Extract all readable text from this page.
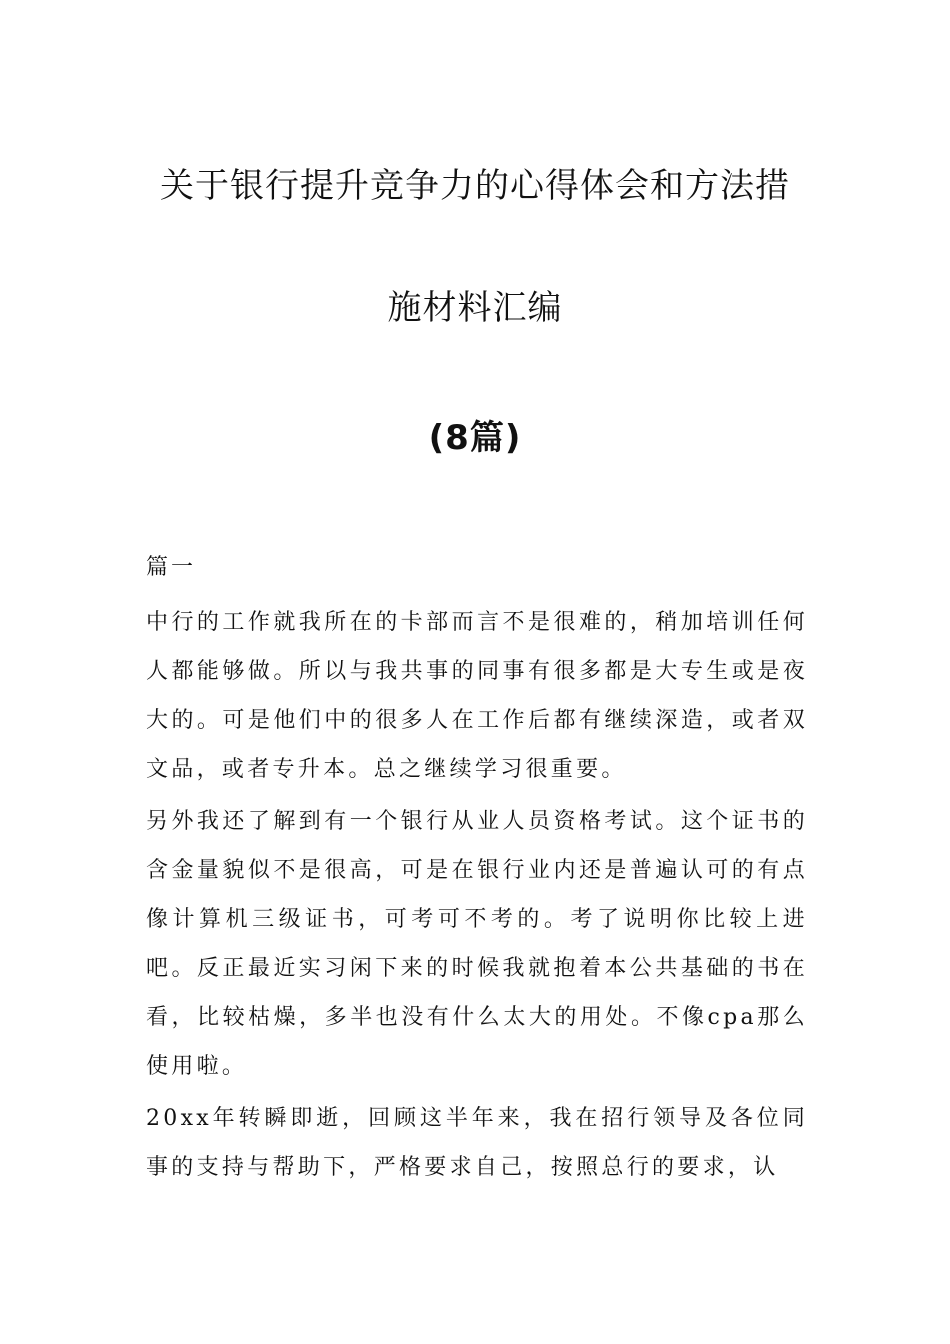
关于银行提升竞争力的心得体会和方法措
施材料汇编
(8篇)
篇一

中行的工作就我所在的卡部而言不是很难的，稍加培训任何人都能够做。所以与我共事的同事有很多都是大专生或是夜大的。可是他们中的很多人在工作后都有继续深造，或者双文品，或者专升本。总之继续学习很重要。

另外我还了解到有一个银行从业人员资格考试。这个证书的含金量貌似不是很高，可是在银行业内还是普遍认可的有点像计算机三级证书，可考可不考的。考了说明你比较上进吧。反正最近实习闲下来的时候我就抱着本公共基础的书在看，比较枯燥，多半也没有什么太大的用处。不像cpa那么使用啦。

20xx年转瞬即逝，回顾这半年来，我在招行领导及各位同事的支持与帮助下，严格要求自己，按照总行的要求，认
